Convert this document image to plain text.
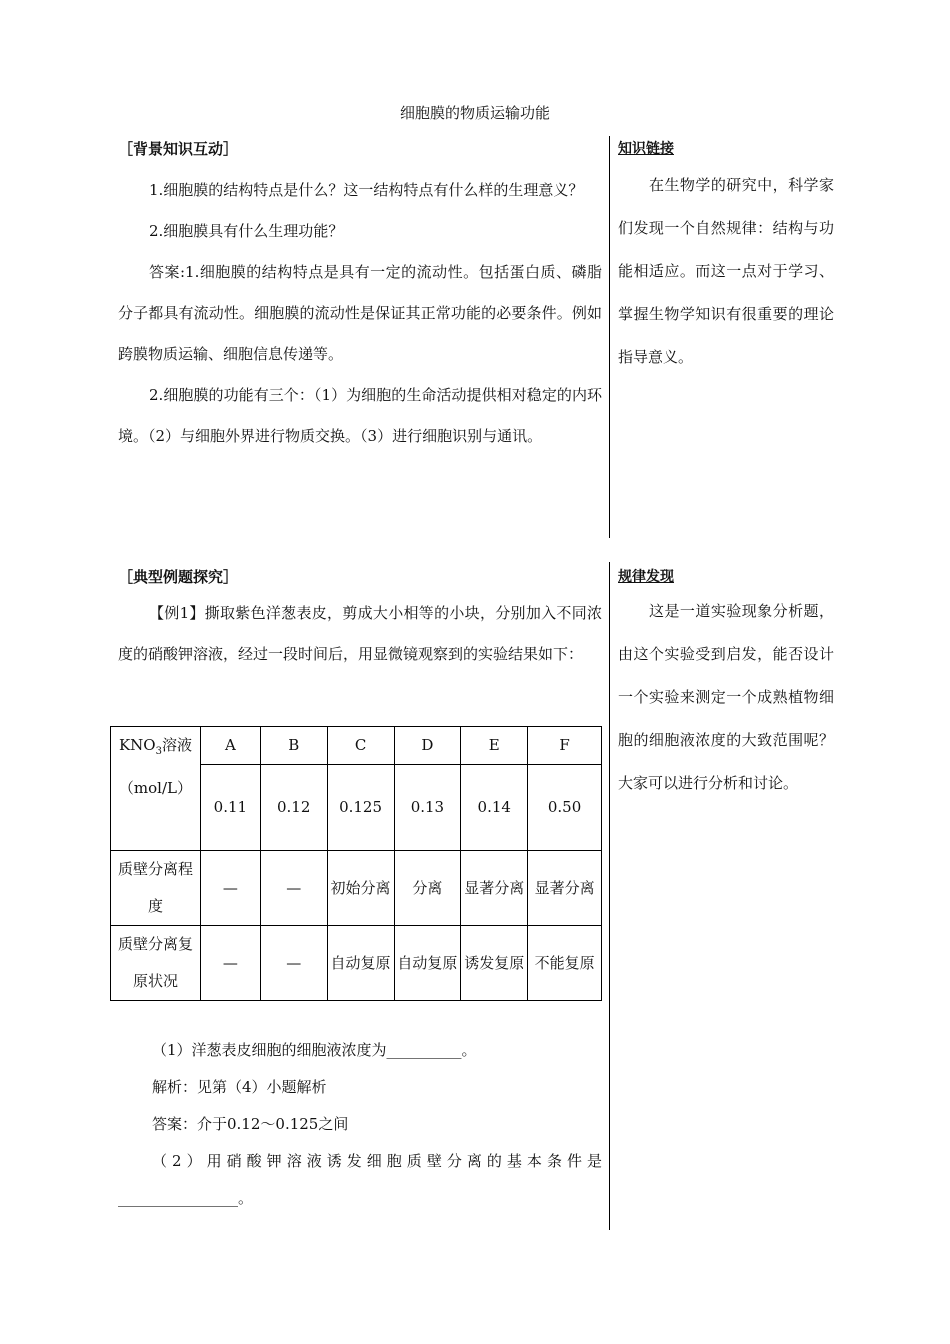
细胞膜的物质运输功能
［背景知识互动］

1.细胞膜的结构特点是什么？这一结构特点有什么样的生理意义？

2.细胞膜具有什么生理功能？

答案:1.细胞膜的结构特点是具有一定的流动性。包括蛋白质、磷脂分子都具有流动性。细胞膜的流动性是保证其正常功能的必要条件。例如跨膜物质运输、细胞信息传递等。

2.细胞膜的功能有三个：（1）为细胞的生命活动提供相对稳定的内环境。（2）与细胞外界进行物质交换。（3）进行细胞识别与通讯。

知识链接

在生物学的研究中，科学家们发现一个自然规律：结构与功能相适应。而这一点对于学习、掌握生物学知识有很重要的理论指导意义。

［典型例题探究］

【例1】撕取紫色洋葱表皮，剪成大小相等的小块，分别加入不同浓度的硝酸钾溶液，经过一段时间后，用显微镜观察到的实验结果如下：

规律发现

这是一道实验现象分析题，由这个实验受到启发，能否设计一个实验来测定一个成熟植物细胞的细胞液浓度的大致范围呢？大家可以进行分析和讨论。

$KNO_3$溶液（mol/L）	A	B	C	D	E	F
	0.11	0.12	0.125	0.13	0.14	0.50
质壁分离程度	—	—	初始分离	分离	显著分离	显著分离
质壁分离复原状况	—	—	自动复原	自动复原	诱发复原	不能复原

（1）洋葱表皮细胞的细胞液浓度为__________。

解析：见第（4）小题解析

答案：介于0.12～0.125之间

（2）用硝酸钾溶液诱发细胞质壁分离的基本条件是________________。
